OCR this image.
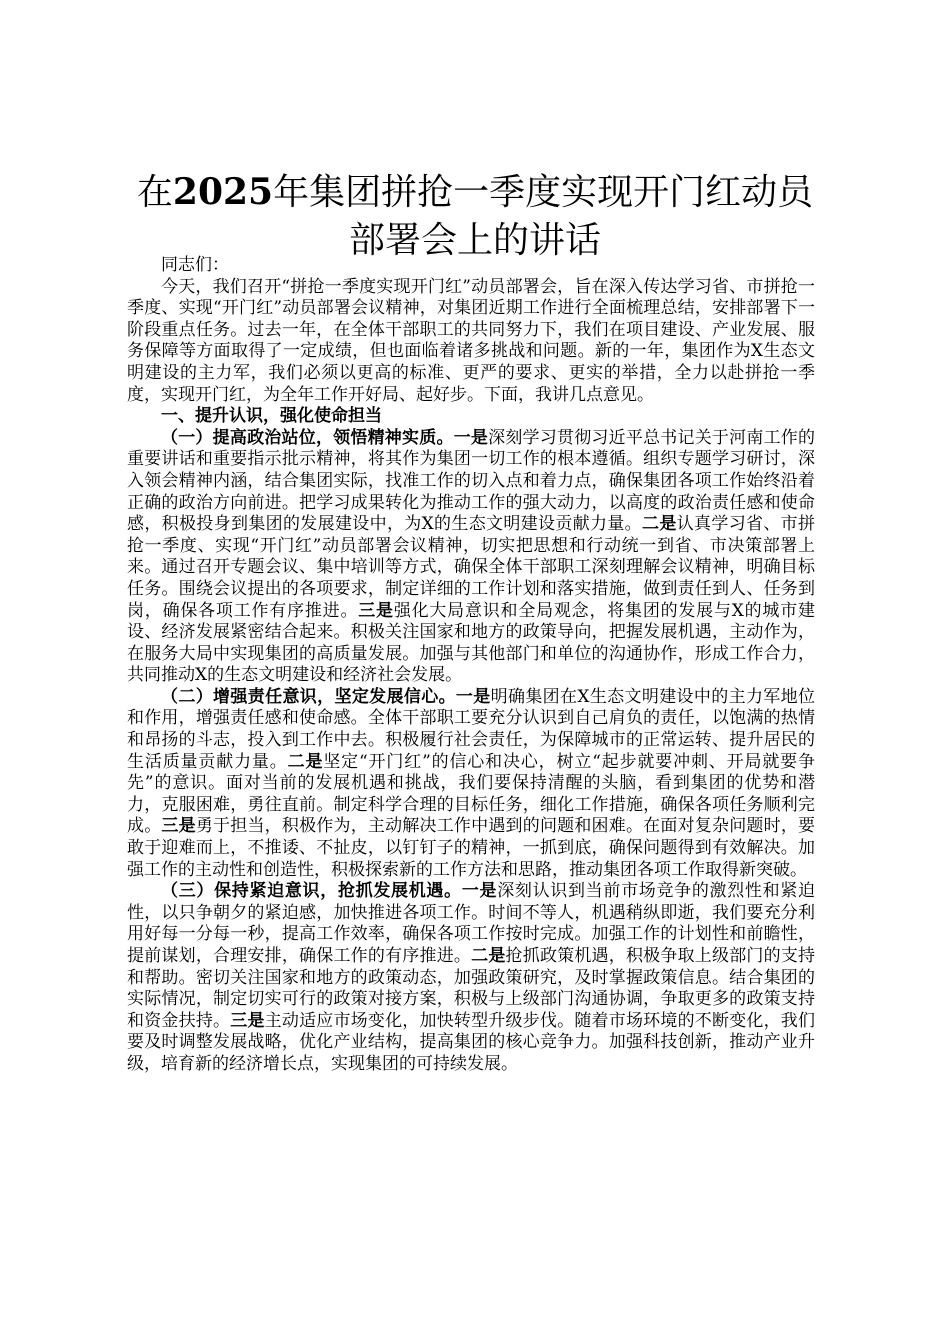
在2025年集团拼抢一季度实现开门红动员部署会上的讲话

同志们：

今天，我们召开“拼抢一季度实现开门红”动员部署会，旨在深入传达学习省、市拼抢一季度、实现“开门红”动员部署会议精神，对集团近期工作进行全面梳理总结，安排部署下一阶段重点任务。过去一年，在全体干部职工的共同努力下，我们在项目建设、产业发展、服务保障等方面取得了一定成绩，但也面临着诸多挑战和问题。新的一年，集团作为X生态文明建设的主力军，我们必须以更高的标准、更严的要求、更实的举措，全力以赴拼抢一季度，实现开门红，为全年工作开好局、起好步。下面，我讲几点意见。

一、提升认识，强化使命担当

（一）提高政治站位，领悟精神实质。一是深刻学习贯彻习近平总书记关于河南工作的重要讲话和重要指示批示精神，将其作为集团一切工作的根本遵循。组织专题学习研讨，深入领会精神内涵，结合集团实际，找准工作的切入点和着力点，确保集团各项工作始终沿着正确的政治方向前进。把学习成果转化为推动工作的强大动力，以高度的政治责任感和使命感，积极投身到集团的发展建设中，为X的生态文明建设贡献力量。二是认真学习省、市拼抢一季度、实现“开门红”动员部署会议精神，切实把思想和行动统一到省、市决策部署上来。通过召开专题会议、集中培训等方式，确保全体干部职工深刻理解会议精神，明确目标任务。围绕会议提出的各项要求，制定详细的工作计划和落实措施，做到责任到人、任务到岗，确保各项工作有序推进。三是强化大局意识和全局观念，将集团的发展与X的城市建设、经济发展紧密结合起来。积极关注国家和地方的政策导向，把握发展机遇，主动作为，在服务大局中实现集团的高质量发展。加强与其他部门和单位的沟通协作，形成工作合力，共同推动X的生态文明建设和经济社会发展。

（二）增强责任意识，坚定发展信心。一是明确集团在X生态文明建设中的主力军地位和作用，增强责任感和使命感。全体干部职工要充分认识到自己肩负的责任，以饱满的热情和昂扬的斗志，投入到工作中去。积极履行社会责任，为保障城市的正常运转、提升居民的生活质量贡献力量。二是坚定“开门红”的信心和决心，树立“起步就要冲刺、开局就要争先”的意识。面对当前的发展机遇和挑战，我们要保持清醒的头脑，看到集团的优势和潜力，克服困难，勇往直前。制定科学合理的目标任务，细化工作措施，确保各项任务顺利完成。三是勇于担当，积极作为，主动解决工作中遇到的问题和困难。在面对复杂问题时，要敢于迎难而上，不推诿、不扯皮，以钉钉子的精神，一抓到底，确保问题得到有效解决。加强工作的主动性和创造性，积极探索新的工作方法和思路，推动集团各项工作取得新突破。

（三）保持紧迫意识，抢抓发展机遇。一是深刻认识到当前市场竞争的激烈性和紧迫性，以只争朝夕的紧迫感，加快推进各项工作。时间不等人，机遇稍纵即逝，我们要充分利用好每一分每一秒，提高工作效率，确保各项工作按时完成。加强工作的计划性和前瞻性，提前谋划，合理安排，确保工作的有序推进。二是抢抓政策机遇，积极争取上级部门的支持和帮助。密切关注国家和地方的政策动态，加强政策研究，及时掌握政策信息。结合集团的实际情况，制定切实可行的政策对接方案，积极与上级部门沟通协调，争取更多的政策支持和资金扶持。三是主动适应市场变化，加快转型升级步伐。随着市场环境的不断变化，我们要及时调整发展战略，优化产业结构，提高集团的核心竞争力。加强科技创新，推动产业升级，培育新的经济增长点，实现集团的可持续发展。
